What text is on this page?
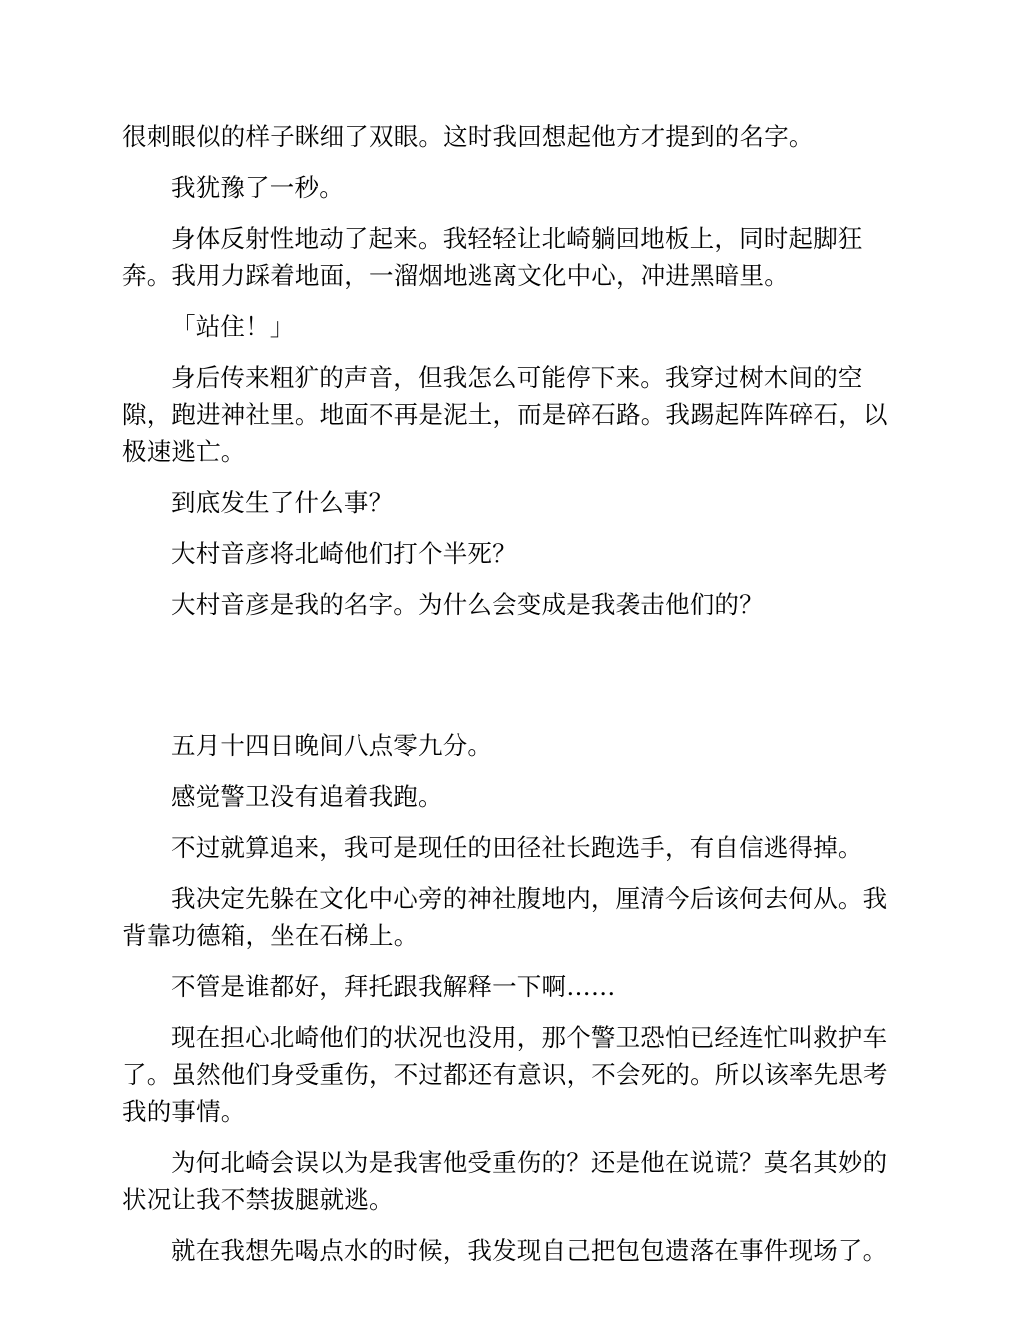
很刺眼似的样子眯细了双眼。这时我回想起他方才提到的名字。

我犹豫了一秒。

身体反射性地动了起来。我轻轻让北崎躺回地板上，同时起脚狂奔。我用力踩着地面，一溜烟地逃离文化中心，冲进黑暗里。

「站住！」

身后传来粗犷的声音，但我怎么可能停下来。我穿过树木间的空隙，跑进神社里。地面不再是泥土，而是碎石路。我踢起阵阵碎石，以极速逃亡。

到底发生了什么事？

大村音彦将北崎他们打个半死？

大村音彦是我的名字。为什么会变成是我袭击他们的？

五月十四日晚间八点零九分。

感觉警卫没有追着我跑。

不过就算追来，我可是现任的田径社长跑选手，有自信逃得掉。

我决定先躲在文化中心旁的神社腹地内，厘清今后该何去何从。我背靠功德箱，坐在石梯上。

不管是谁都好，拜托跟我解释一下啊……

现在担心北崎他们的状况也没用，那个警卫恐怕已经连忙叫救护车了。虽然他们身受重伤，不过都还有意识，不会死的。所以该率先思考我的事情。

为何北崎会误以为是我害他受重伤的？还是他在说谎？莫名其妙的状况让我不禁拔腿就逃。

就在我想先喝点水的时候，我发现自己把包包遗落在事件现场了。
